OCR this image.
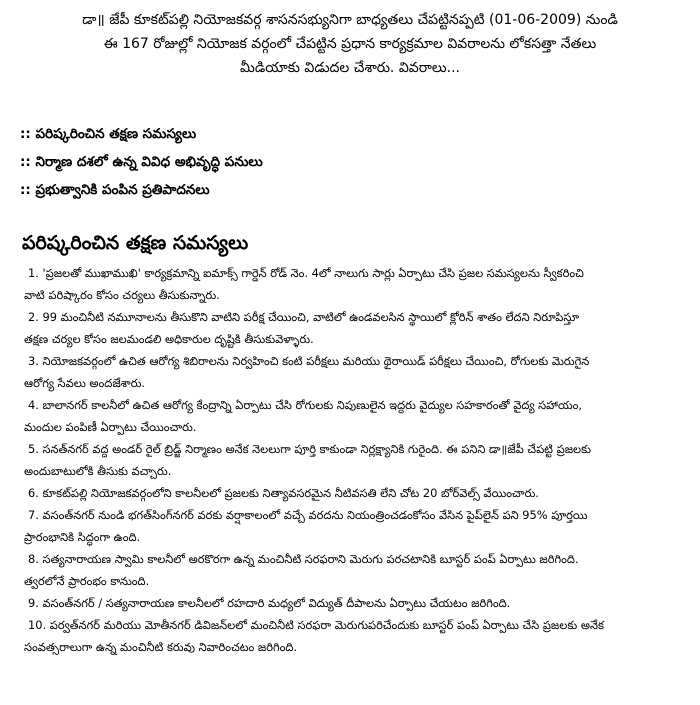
డా॥ జేపీ కూకట్‌పల్లి నియోజకవర్గ శాసనసభ్యునిగా బాధ్యతలు చేపట్టినప్పటి (01-06-2009) నుండి
ఈ 167 రోజుల్లో నియోజక వర్గంలో చేపట్టిన ప్రధాన కార్యక్రమాల వివరాలను లోకసత్తా నేతలు
మీడియాకు విడుదల చేశారు. వివరాలు...
:: పరిష్కరించిన తక్షణ సమస్యలు
:: నిర్మాణ దశలో ఉన్న వివిధ అభివృద్ధి పనులు
:: ప్రభుత్వానికి పంపిన ప్రతిపాదనలు
పరిష్కరించిన తక్షణ సమస్యలు
1. 'ప్రజలతో ముఖాముఖి' కార్యక్రమాన్ని ఐమాక్స్ గార్డెన్ రోడ్ నెం. 4లో నాలుగు సార్లు ఏర్పాటు చేసి ప్రజల సమస్యలను స్వీకరించి
వాటి పరిష్కారం కోసం చర్యలు తీసుకున్నారు.
2. 99 మంచినీటి నమూనాలను తీసుకొని వాటిని పరీక్ష చేయించి, వాటిలో ఉండవలసిన స్థాయిలో క్లోరిన్ శాతం లేదని నిరూపిస్తూ
తక్షణ చర్యల కోసం జలమండలి అధికారుల దృష్టికి తీసుకువెళ్ళారు.
3. నియోజకవర్గంలో ఉచిత ఆరోగ్య శిబిరాలను నిర్వహించి కంటి పరీక్షలు మరియు థైరాయిడ్ పరీక్షలు చేయించి, రోగులకు మెరుగైన
ఆరోగ్య సేవలు అందజేశారు.
4. బాలానగర్ కాలనీలో ఉచిత ఆరోగ్య కేంద్రాన్ని ఏర్పాటు చేసి రోగులకు నిపుణులైన ఇద్దరు వైద్యుల సహకారంతో వైద్య సహాయం,
మందుల పంపిణీ ఏర్పాటు చేయించారు.
5. సనత్‌నగర్ వద్ద అండర్ రైల్ బ్రిడ్జ్ నిర్మాణం అనేక నెలలుగా పూర్తి కాకుండా నిర్లక్ష్యానికి గురైంది. ఈ పనిని డా॥జేపీ చేపట్టి ప్రజలకు
అందుబాటులోకి తీసుకు వచ్చారు.
6. కూకట్‌పల్లి నియోజకవర్గంలోని కాలనీలలో ప్రజలకు నిత్యావసరమైన నీటివసతి లేని చోట 20 బోర్‌వెల్స్ వేయించారు.
7. వసంత్‌నగర్ నుండి భగత్‌సింగ్‌నగర్ వరకు వర్షాకాలంలో వచ్చే వరదను నియంత్రించడంకోసం వేసిన పైప్‌లైన్ పని 95% పూర్తయి
ప్రారంభానికి సిద్ధంగా ఉంది.
8. సత్యనారాయణ స్వామి కాలనీలో అరకొరగా ఉన్న మంచినీటి సరఫరాని మెరుగు పరచటానికి బూస్టర్ పంప్ ఏర్పాటు జరిగింది.
త్వరలోనే ప్రారంభం కానుంది.
9. వసంత్‌నగర్ / సత్యనారాయణ కాలనీలలో రహదారి మధ్యలో విద్యుత్ దీపాలను ఏర్పాటు చేయటం జరిగింది.
10. పర్వత్‌నగర్ మరియు మోతీనగర్ డివిజన్‌లలో మంచినీటి సరఫరా మెరుగుపరిచేందుకు బూస్టర్ పంప్ ఏర్పాటు చేసి ప్రజలకు అనేక
సంవత్సరాలుగా ఉన్న మంచినీటి కరువు నివారించటం జరిగింది.
